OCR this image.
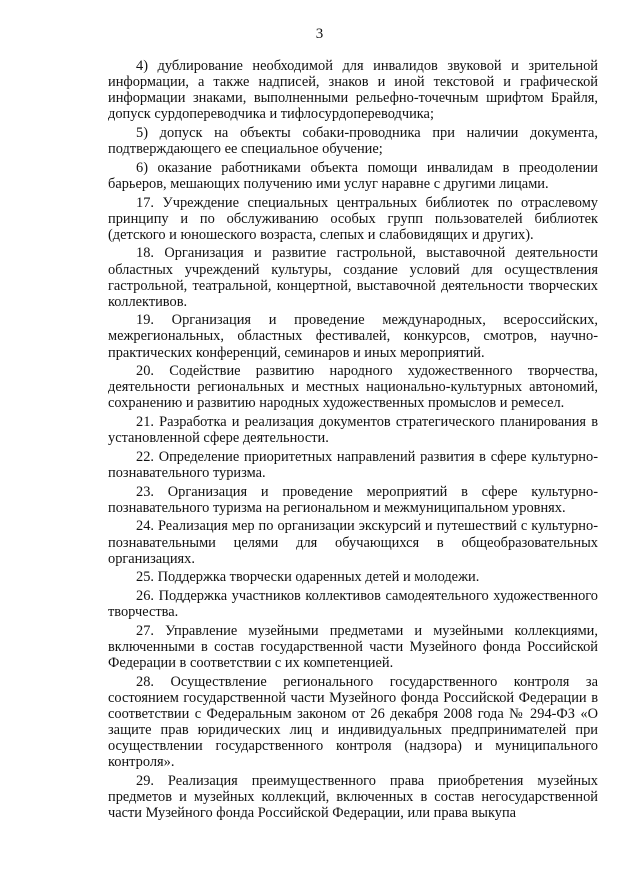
3

4) дублирование необходимой для инвалидов звуковой и зрительной информации, а также надписей, знаков и иной текстовой и графической информации знаками, выполненными рельефно-точечным шрифтом Брайля, допуск сурдопереводчика и тифлосурдопереводчика;

5) допуск на объекты собаки-проводника при наличии документа, подтверждающего ее специальное обучение;

6) оказание работниками объекта помощи инвалидам в преодолении барьеров, мешающих получению ими услуг наравне с другими лицами.

17. Учреждение специальных центральных библиотек по отраслевому принципу и по обслуживанию особых групп пользователей библиотек (детского и юношеского возраста, слепых и слабовидящих и других).

18. Организация и развитие гастрольной, выставочной деятельности областных учреждений культуры, создание условий для осуществления гастрольной, театральной, концертной, выставочной деятельности творческих коллективов.

19. Организация и проведение международных, всероссийских, межрегиональных, областных фестивалей, конкурсов, смотров, научно-практических конференций, семинаров и иных мероприятий.

20. Содействие развитию народного художественного творчества, деятельности региональных и местных национально-культурных автономий, сохранению и развитию народных художественных промыслов и ремесел.

21. Разработка и реализация документов стратегического планирования в установленной сфере деятельности.

22. Определение приоритетных направлений развития в сфере культурно-познавательного туризма.

23. Организация и проведение мероприятий в сфере культурно-познавательного туризма на региональном и межмуниципальном уровнях.

24. Реализация мер по организации экскурсий и путешествий с культурно-познавательными целями для обучающихся в общеобразовательных организациях.

25. Поддержка творчески одаренных детей и молодежи.

26. Поддержка участников коллективов самодеятельного художественного творчества.

27. Управление музейными предметами и музейными коллекциями, включенными в состав государственной части Музейного фонда Российской Федерации в соответствии с их компетенцией.

28. Осуществление регионального государственного контроля за состоянием государственной части Музейного фонда Российской Федерации в соответствии с Федеральным законом от 26 декабря 2008 года № 294-ФЗ «О защите прав юридических лиц и индивидуальных предпринимателей при осуществлении государственного контроля (надзора) и муниципального контроля».

29. Реализация преимущественного права приобретения музейных предметов и музейных коллекций, включенных в состав негосударственной части Музейного фонда Российской Федерации, или права выкупа
